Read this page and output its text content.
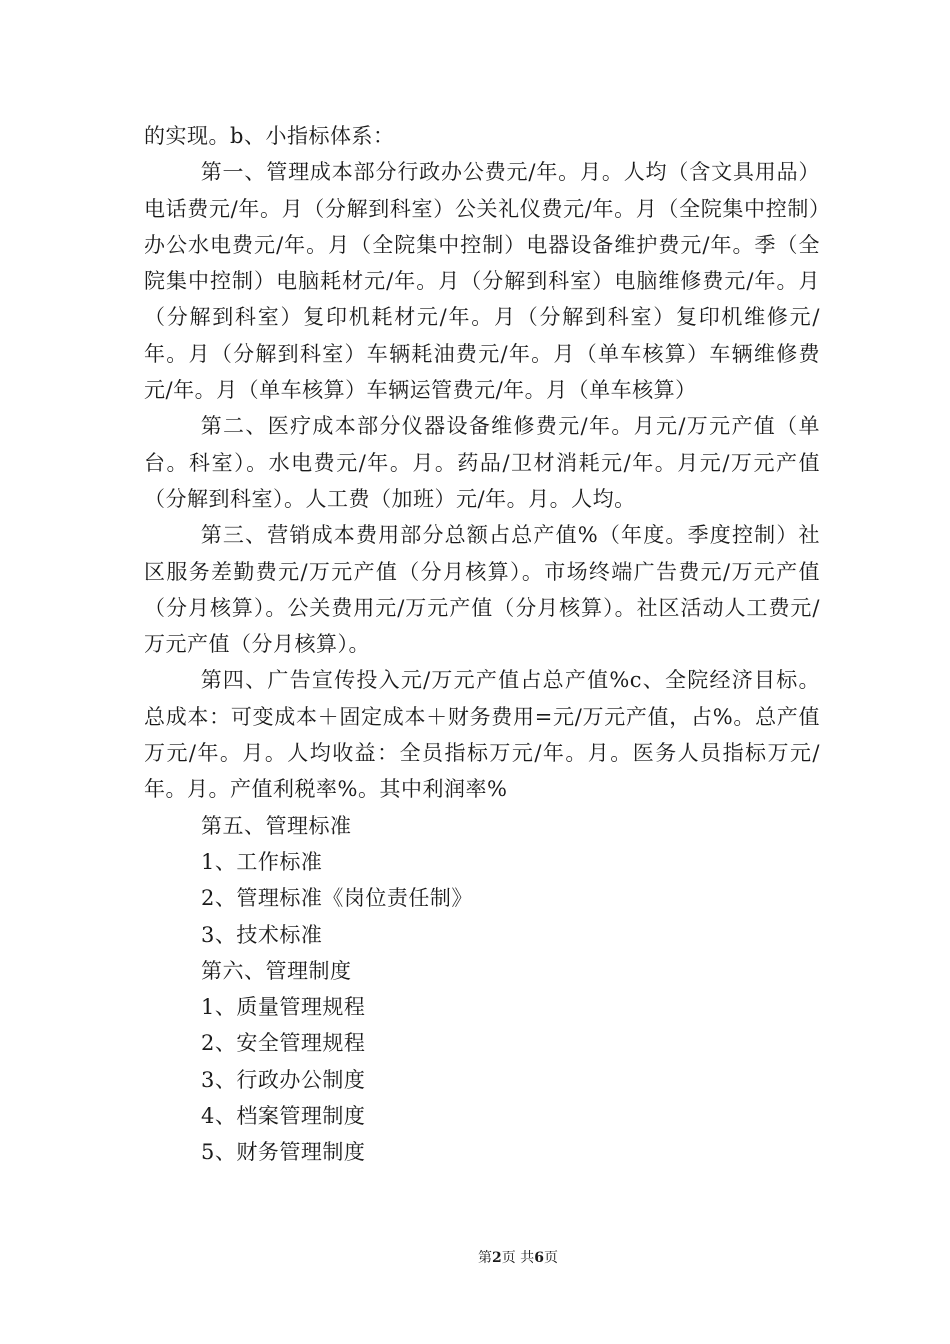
的实现。b、小指标体系：

第一、管理成本部分行政办公费元/年。月。人均（含文具用品）电话费元/年。月（分解到科室）公关礼仪费元/年。月（全院集中控制）办公水电费元/年。月（全院集中控制）电器设备维护费元/年。季（全院集中控制）电脑耗材元/年。月（分解到科室）电脑维修费元/年。月（分解到科室）复印机耗材元/年。月（分解到科室）复印机维修元/年。月（分解到科室）车辆耗油费元/年。月（单车核算）车辆维修费元/年。月（单车核算）车辆运管费元/年。月（单车核算）

第二、医疗成本部分仪器设备维修费元/年。月元/万元产值（单台。科室）。水电费元/年。月。药品/卫材消耗元/年。月元/万元产值（分解到科室）。人工费（加班）元/年。月。人均。

第三、营销成本费用部分总额占总产值%（年度。季度控制）社区服务差勤费元/万元产值（分月核算）。市场终端广告费元/万元产值（分月核算）。公关费用元/万元产值（分月核算）。社区活动人工费元/万元产值（分月核算）。

第四、广告宣传投入元/万元产值占总产值%c、全院经济目标。总成本：可变成本＋固定成本＋财务费用=元/万元产值，占%。总产值万元/年。月。人均收益：全员指标万元/年。月。医务人员指标万元/年。月。产值利税率%。其中利润率%

第五、管理标准

1、工作标准

2、管理标准《岗位责任制》

3、技术标准

第六、管理制度

1、质量管理规程

2、安全管理规程

3、行政办公制度

4、档案管理制度

5、财务管理制度

第2页 共6页
